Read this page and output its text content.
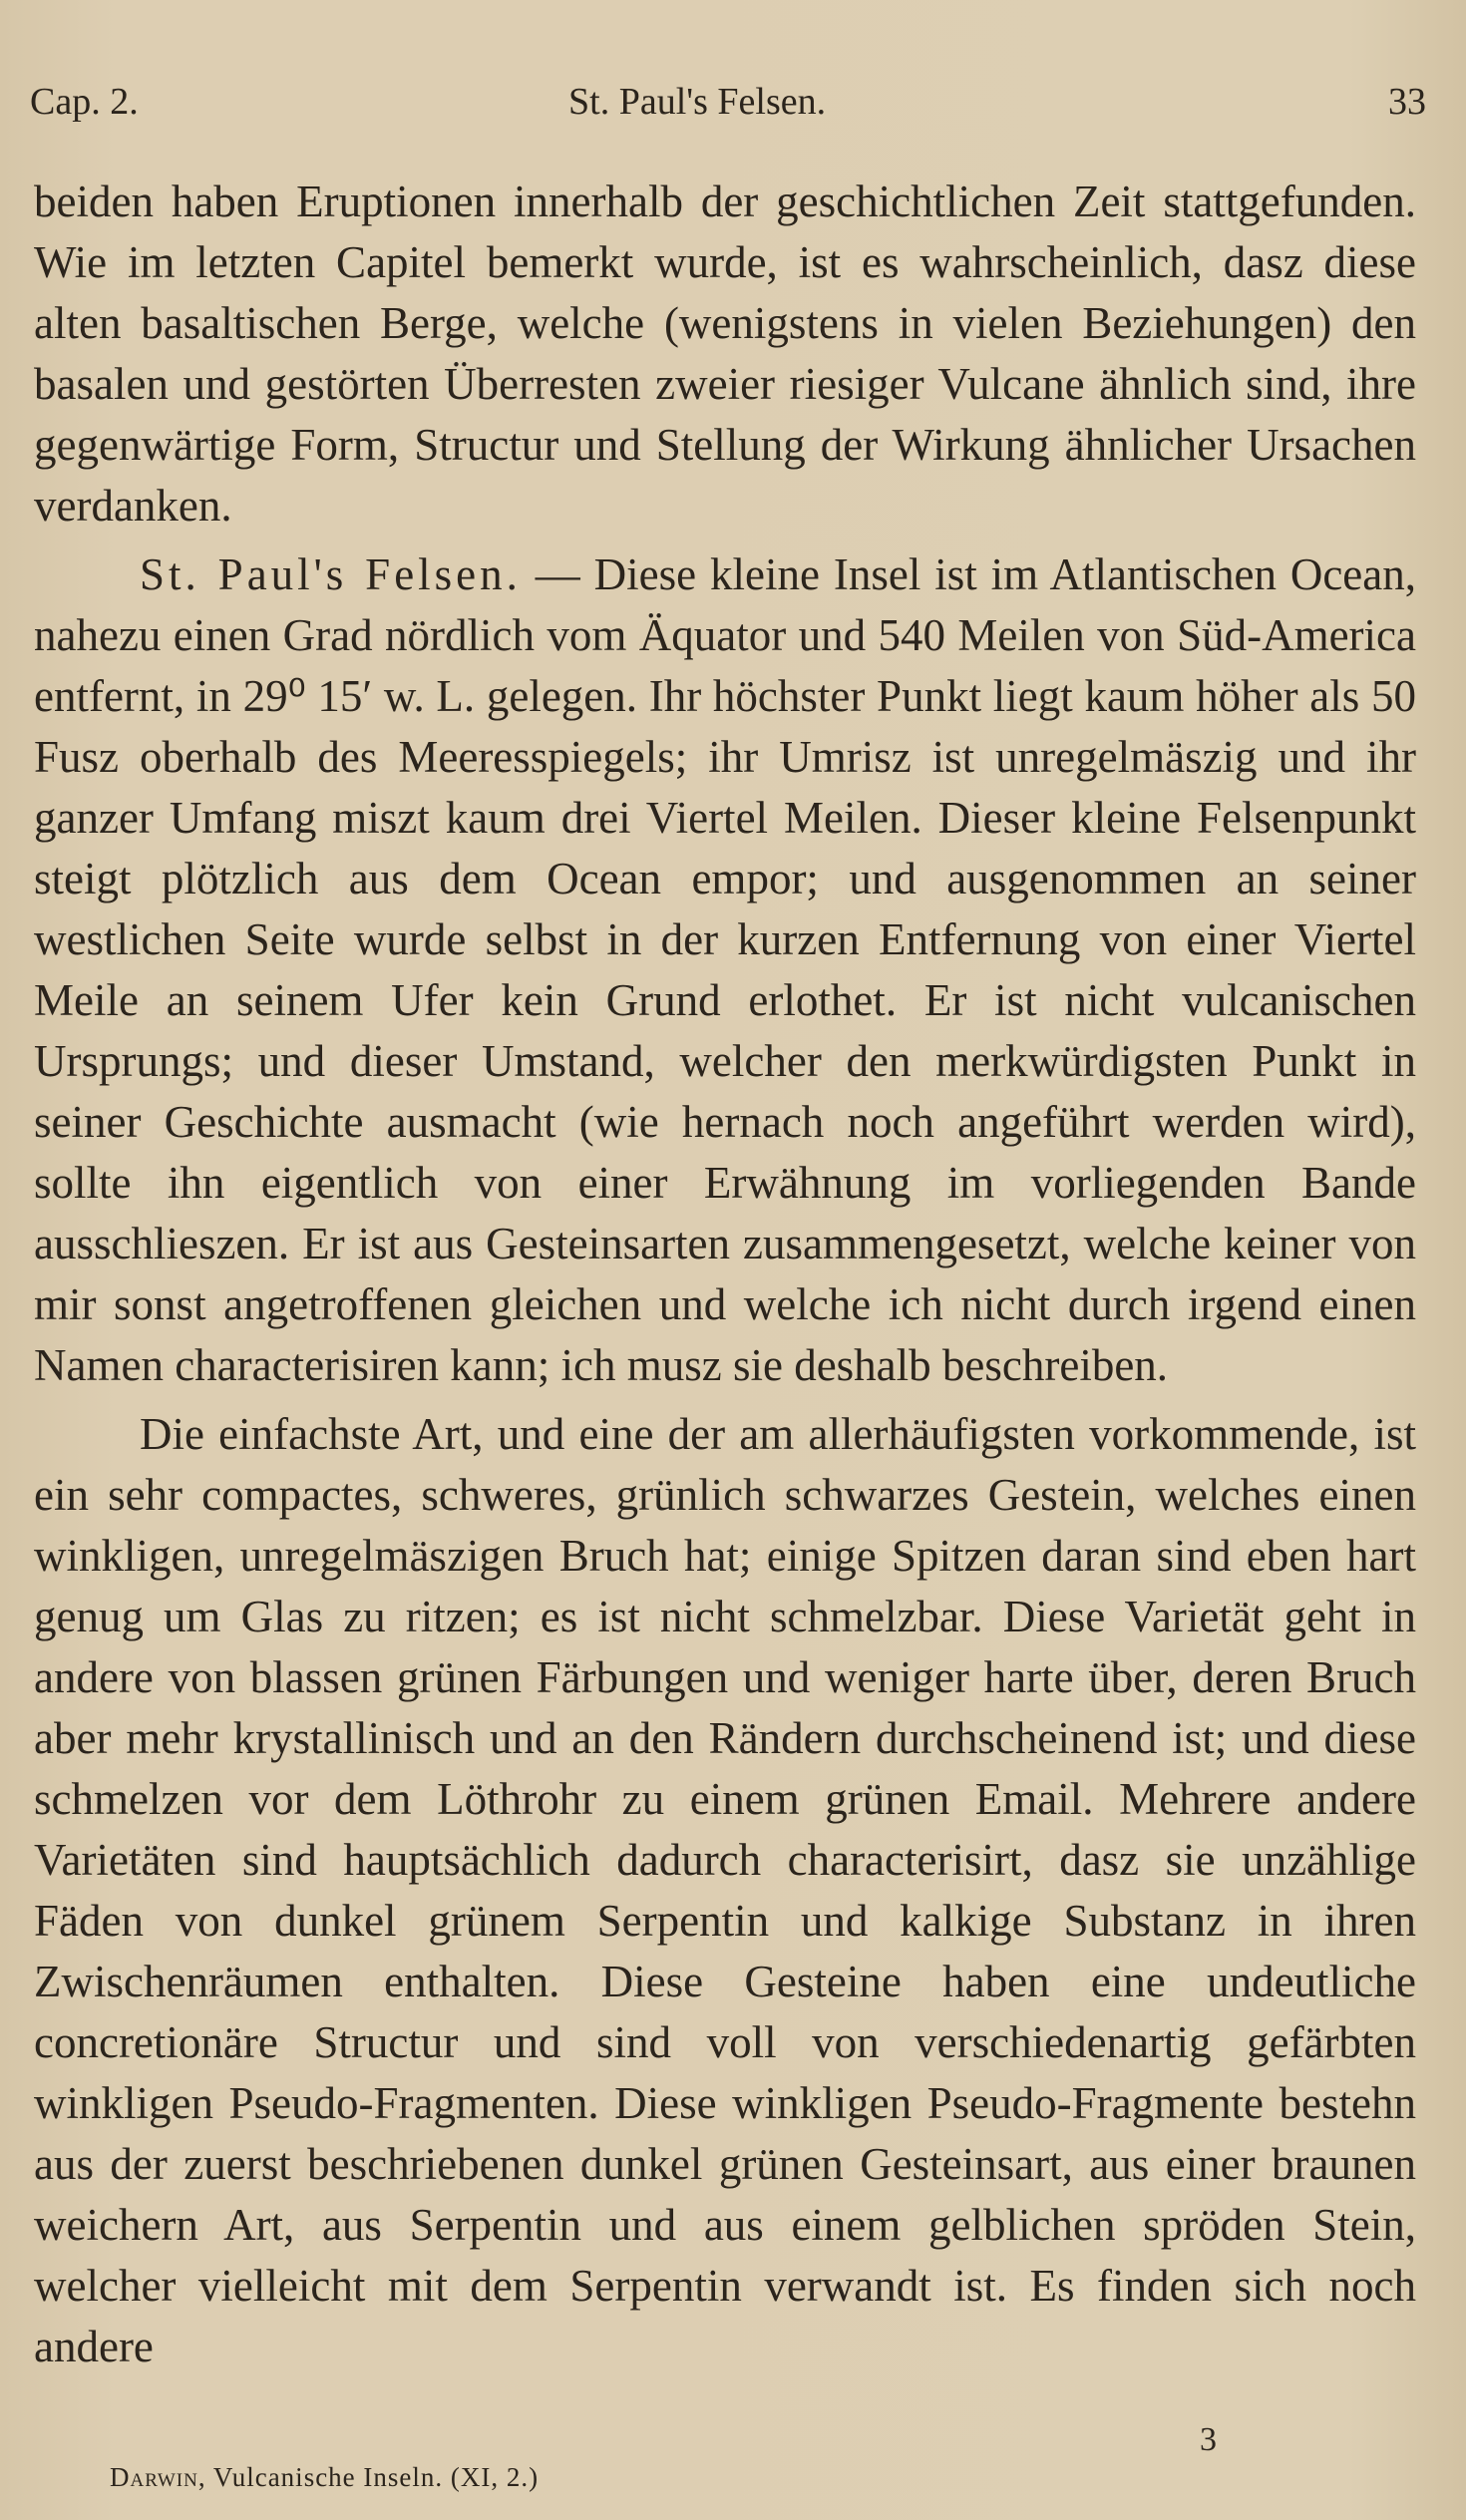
Cap. 2.	St. Paul's Felsen.	33

beiden haben Eruptionen innerhalb der geschichtlichen Zeit stattgefunden. Wie im letzten Capitel bemerkt wurde, ist es wahrscheinlich, dasz diese alten basaltischen Berge, welche (wenigstens in vielen Beziehungen) den basalen und gestörten Überresten zweier riesiger Vulcane ähnlich sind, ihre gegenwärtige Form, Structur und Stellung der Wirkung ähnlicher Ursachen verdanken.

St. Paul's Felsen. — Diese kleine Insel ist im Atlantischen Ocean, nahezu einen Grad nördlich vom Äquator und 540 Meilen von Süd-America entfernt, in 29⁰ 15′ w. L. gelegen. Ihr höchster Punkt liegt kaum höher als 50 Fusz oberhalb des Meeresspiegels; ihr Umrisz ist unregelmäszig und ihr ganzer Umfang miszt kaum drei Viertel Meilen. Dieser kleine Felsenpunkt steigt plötzlich aus dem Ocean empor; und ausgenommen an seiner westlichen Seite wurde selbst in der kurzen Entfernung von einer Viertel Meile an seinem Ufer kein Grund erlothet. Er ist nicht vulcanischen Ursprungs; und dieser Umstand, welcher den merkwürdigsten Punkt in seiner Geschichte ausmacht (wie hernach noch angeführt werden wird), sollte ihn eigentlich von einer Erwähnung im vorliegenden Bande ausschlieszen. Er ist aus Gesteinsarten zusammengesetzt, welche keiner von mir sonst angetroffenen gleichen und welche ich nicht durch irgend einen Namen characterisiren kann; ich musz sie deshalb beschreiben.

Die einfachste Art, und eine der am allerhäufigsten vorkommende, ist ein sehr compactes, schweres, grünlich schwarzes Gestein, welches einen winkligen, unregelmäszigen Bruch hat; einige Spitzen daran sind eben hart genug um Glas zu ritzen; es ist nicht schmelzbar. Diese Varietät geht in andere von blassen grünen Färbungen und weniger harte über, deren Bruch aber mehr krystallinisch und an den Rändern durchscheinend ist; und diese schmelzen vor dem Löthrohr zu einem grünen Email. Mehrere andere Varietäten sind hauptsächlich dadurch characterisirt, dasz sie unzählige Fäden von dunkel grünem Serpentin und kalkige Substanz in ihren Zwischenräumen enthalten. Diese Gesteine haben eine undeutliche concretionäre Structur und sind voll von verschiedenartig gefärbten winkligen Pseudo-Fragmenten. Diese winkligen Pseudo-Fragmente bestehn aus der zuerst beschriebenen dunkel grünen Gesteinsart, aus einer braunen weichern Art, aus Serpentin und aus einem gelblichen spröden Stein, welcher vielleicht mit dem Serpentin verwandt ist. Es finden sich noch andere

3
Darwin, Vulcanische Inseln. (XI, 2.)
